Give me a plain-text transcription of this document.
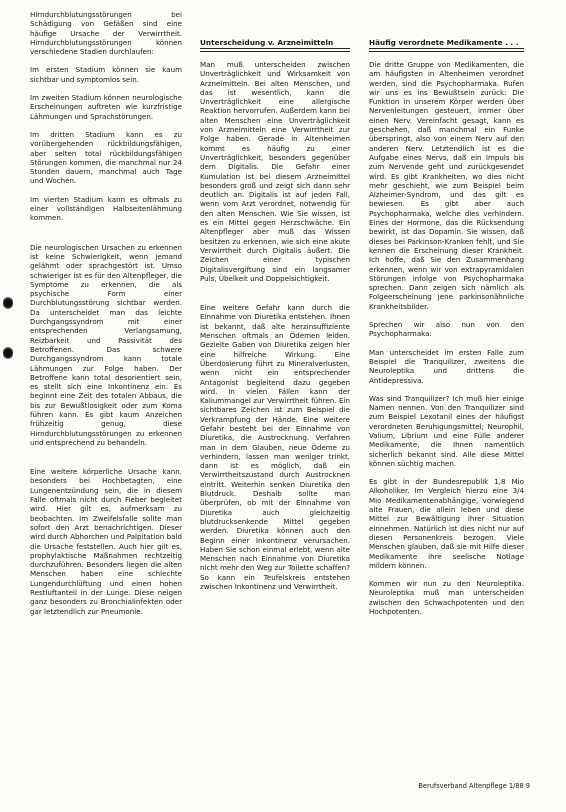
Hirndurchblutungsstörungen bei Schädigung von Gefäßen sind eine häufige Ursache der Verwirrtheit. Hirndurchblutungsstörungen können verschiedene Stadien durchlaufen:

Im ersten Stadium können sie kaum sichtbar und symptomlos sein.

Im zweiten Stadium können neurologische Erscheinungen auftreten wie kurzfristige Lähmungen und Sprachstörungen.

Im dritten Stadium kann es zu vorübergehenden rückbildungsfähigen, aber selten total rückbildungsfähigen Störungen kommen, die manchmal nur 24 Stunden dauern, manchmal auch Tage und Wochen.

Im vierten Stadium kann es oftmals zu einer vollständigen Halbseitenlähmung kommen.

Die neurologischen Ursachen zu erkennen ist keine Schwierigkeit, wenn jemand gelähmt oder sprachgestört ist. Umso schwieriger ist es für den Altenpfleger, die Symptome zu erkennen, die als psychische Form einer Durchblutungsstörung sichtbar werden. Da unterscheidet man das leichte Durchgangssyndrom mit einer entsprechenden Verlangsamung, Reizbarkeit und Passivität des Betroffenen. Das schwere Durchgangssyndrom kann totale Lähmungen zur Folge haben. Der Betroffene kann total desorientiert sein, es stellt sich eine Inkontinenz ein. Es beginnt eine Zeit des totalen Abbaus, die bis zur Bewußtlosigkeit oder zum Koma führen kann. Es gibt kaum Anzeichen frühzeitig genug, diese Hirndurchblutungsstörungen zu erkennen und entsprechend zu behandeln.

Eine weitere körperliche Ursache kann, besonders bei Hochbetagten, eine Lungenentzündung sein, die in diesem Falle oftmals nicht durch Fieber begleitet wird. Hier gilt es, aufmerksam zu beobachten. Im Zweifelsfalle sollte man sofort den Arzt benachrichtigen. Dieser wird durch Abhorchen und Palpitation bald die Ursache feststellen. Auch hier gilt es, prophylaktische Maßnahmen rechtzeitig durchzuführen. Besonders liegen die alten Menschen haben eine schlechte Lungendurchlüftung und einen hohen Restluftanteil in der Lunge. Diese neigen ganz besonders zu Bronchialinfekten oder gar letztendlich zur Pneumonie.

Unterscheidung v. Arzneimitteln	Häufig verordnete Medikamente . . .

Man muß unterscheiden zwischen Unverträglichkeit und Wirksamkeit von Arzneimitteln. Bei alten Menschen, und das ist wesentlich, kann die Unverträglichkeit eine allergische Reaktion hervorrufen. Außerdem kann bei alten Menschen eine Unverträglichkeit von Arzneimitteln eine Verwirrtheit zur Folge haben. Gerade in Altenheimen kommt es häufig zu einer Unverträglichkeit, besonders gegenüber dem Digitalis. Die Gefahr einer Kumulation ist bei diesem Arzneimittel besonders groß und zeigt sich dann sehr deutlich an. Digitalis ist auf jeden Fall, wenn vom Arzt verordnet, notwendig für den alten Menschen. Wie Sie wissen, ist es ein Mittel gegen Herzschwäche. Ein Altenpfleger aber muß das Wissen besitzen zu erkennen, wie sich eine akute Verwirrtheit durch Digitalis äußert. Die Zeichen einer typischen Digitalisvergiftung sind ein langsamer Puls, Übelkeit und Doppelsichtigkeit.

Eine weitere Gefahr kann durch die Einnahme von Diuretika entstehen. Ihnen ist bekannt, daß alte herzinsuffiziente Menschen oftmals an Ödemen leiden. Gezielte Gaben von Diuretika zeigen hier eine hilfreiche Wirkung. Eine Überdosierung führt zu Mineralverlusten, wenn nicht ein entsprechender Antagonist begleitend dazu gegeben wird. In vielen Fällen kann der Kaliummangel zur Verwirrtheit führen. Ein sichtbares Zeichen ist zum Beispiel die Verkrampfung der Hände. Eine weitere Gefahr besteht bei der Einnahme von Diuretika, die Austrocknung. Verfahren man in dem Glauben, neue Ödeme zu verhindern, lassen man weniger trinkt, dann ist es möglich, daß ein Verwirrtheitszustand durch Austrocknen eintritt. Weiterhin senken Diuretika den Blutdruck. Deshalb sollte man überprüfen, ob mit der Einnahme von Diuretika auch gleichzeitig blutdrucksenkende Mittel gegeben werden. Diuretika können auch den Beginn einer Inkontinenz verursachen. Haben Sie schon einmal erlebt, wenn alte Menschen nach Einnahme von Diuretika nicht mehr den Weg zur Toilette schaffen? So kann ein Teufelskreis entstehen zwischen Inkontinenz und Verwirrtheit.

Die dritte Gruppe von Medikamenten, die am häufigsten in Altenheimen verordnet werden, sind die Psychopharmaka. Rufen wir uns es ins Bewußtsein zurück: Die Funktion in unserem Körper werden über Nervenleitungen gesteuert, immer über einen Nerv. Vereinfacht gesagt, kann es geschehen, daß manchmal ein Funke überspringt, also von einem Nerv auf den anderen Nerv. Letztendlich ist es die Aufgabe eines Nervs, daß ein Impuls bis zum Nervende geht und zurückgesendet wird. Es gibt Krankheiten, wo dies nicht mehr geschieht, wie zum Beispiel beim Alzheimer-Syndrom, und das gilt es bewiesen. Es gibt aber auch Psychopharmaka, welche dies verhindern. Eines der Hormone, das die Rücksendung bewirkt, ist das Dopamin. Sie wissen, daß dieses bei Parkinson-Kranken fehlt, und Sie kennen die Erscheinung dieser Krankheit. Ich hoffe, daß Sie den Zusammenhang erkennen, wenn wir von extrapyramidalen Störungen infolge von Psychopharmaka sprechen. Dann zeigen sich nämlich als Folgeerscheinung jene parkinsonähnliche Krankheitsbilder.

Sprechen wir also nun von den Psychopharmaka:

Man unterscheidet im ersten Falle zum Beispiel die Tranquilizer, zweitens die Neuroleptika und drittens die Antidepressiva.

Was sind Tranquilizer? Ich muß hier einige Namen nennen. Von den Tranquilizer sind zum Beispiel Lexotanil eines der häufigst verordneten Beruhigungsmittel; Neurophil, Valium, Librium und eine Fülle anderer Medikamente, die Ihnen namentlich sicherlich bekannt sind. Alle diese Mittel können süchtig machen.

Es gibt in der Bundesrepublik 1,8 Mio Alkoholiker. Im Vergleich hierzu eine 3/4 Mio Medikamentenabhängige, vorwiegend alte Frauen, die allein leben und diese Mittel zur Bewältigung ihrer Situation einnehmen. Natürlich ist dies nicht nur auf diesen Personenkreis bezogen. Viele Menschen glauben, daß sie mit Hilfe dieser Medikamente ihre seelische Notlage mildern können.

Kommen wir nun zu den Neuroleptika. Neuroleptika muß man unterscheiden zwischen den Schwachpotenten und den Hochpotenten.

Berufsverband Altenpflege 1/88 9
